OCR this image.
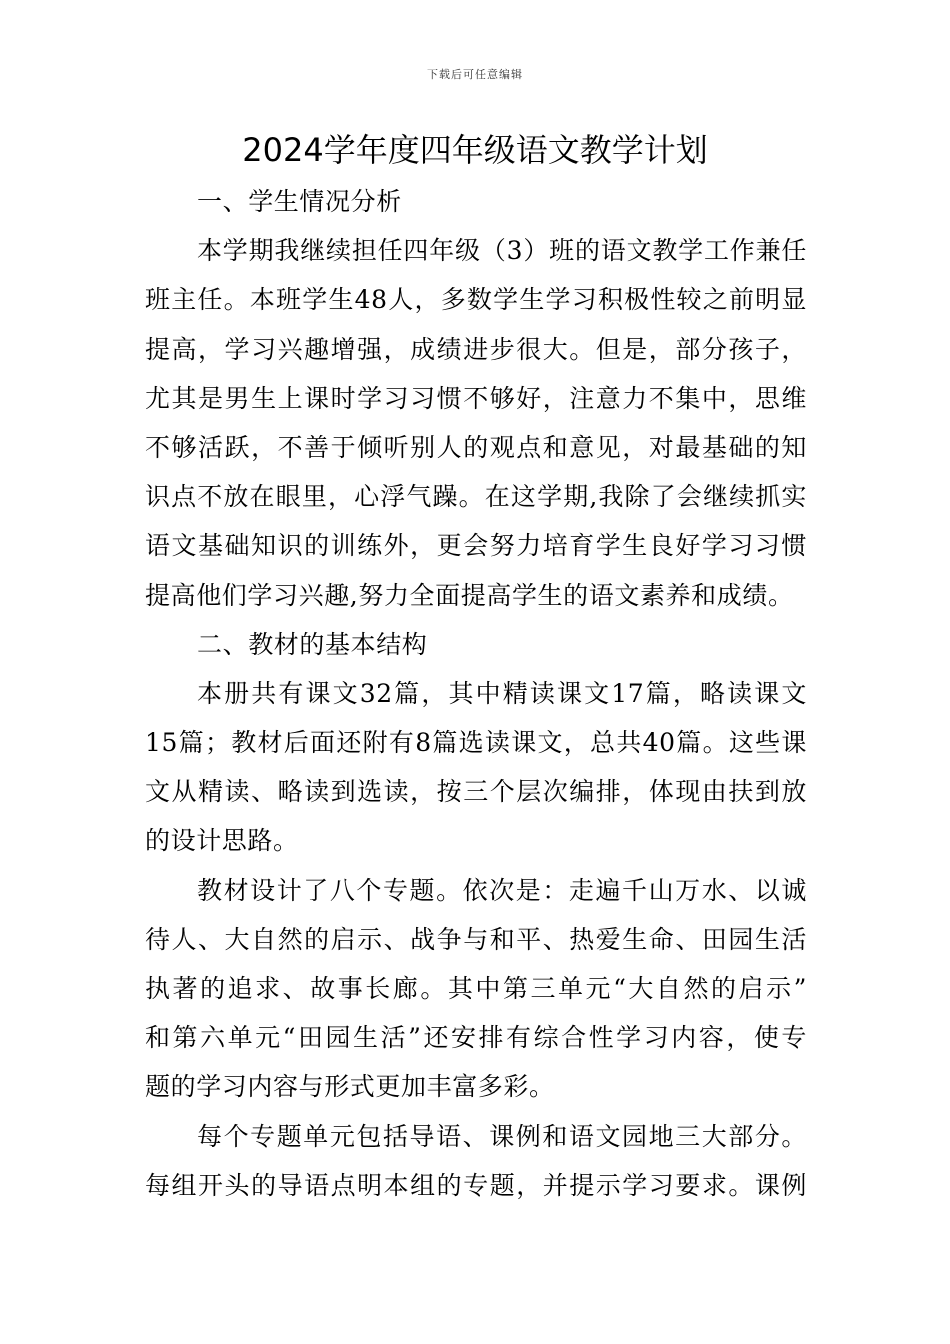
下载后可任意编辑
2024学年度四年级语文教学计划
一、学生情况分析
本学期我继续担任四年级（3）班的语文教学工作兼任
班主任。本班学生48人，多数学生学习积极性较之前明显
提高，学习兴趣增强，成绩进步很大。但是，部分孩子，
尤其是男生上课时学习习惯不够好，注意力不集中，思维
不够活跃，不善于倾听别人的观点和意见，对最基础的知
识点不放在眼里，心浮气躁。在这学期,我除了会继续抓实
语文基础知识的训练外，更会努力培育学生良好学习习惯
提高他们学习兴趣,努力全面提高学生的语文素养和成绩。
二、教材的基本结构
本册共有课文32篇，其中精读课文17篇，略读课文
15篇；教材后面还附有8篇选读课文，总共40篇。这些课
文从精读、略读到选读，按三个层次编排，体现由扶到放
的设计思路。
教材设计了八个专题。依次是：走遍千山万水、以诚
待人、大自然的启示、战争与和平、热爱生命、田园生活
执著的追求、故事长廊。其中第三单元“大自然的启示”
和第六单元“田园生活”还安排有综合性学习内容，使专
题的学习内容与形式更加丰富多彩。
每个专题单元包括导语、课例和语文园地三大部分。
每组开头的导语点明本组的专题，并提示学习要求。课例
